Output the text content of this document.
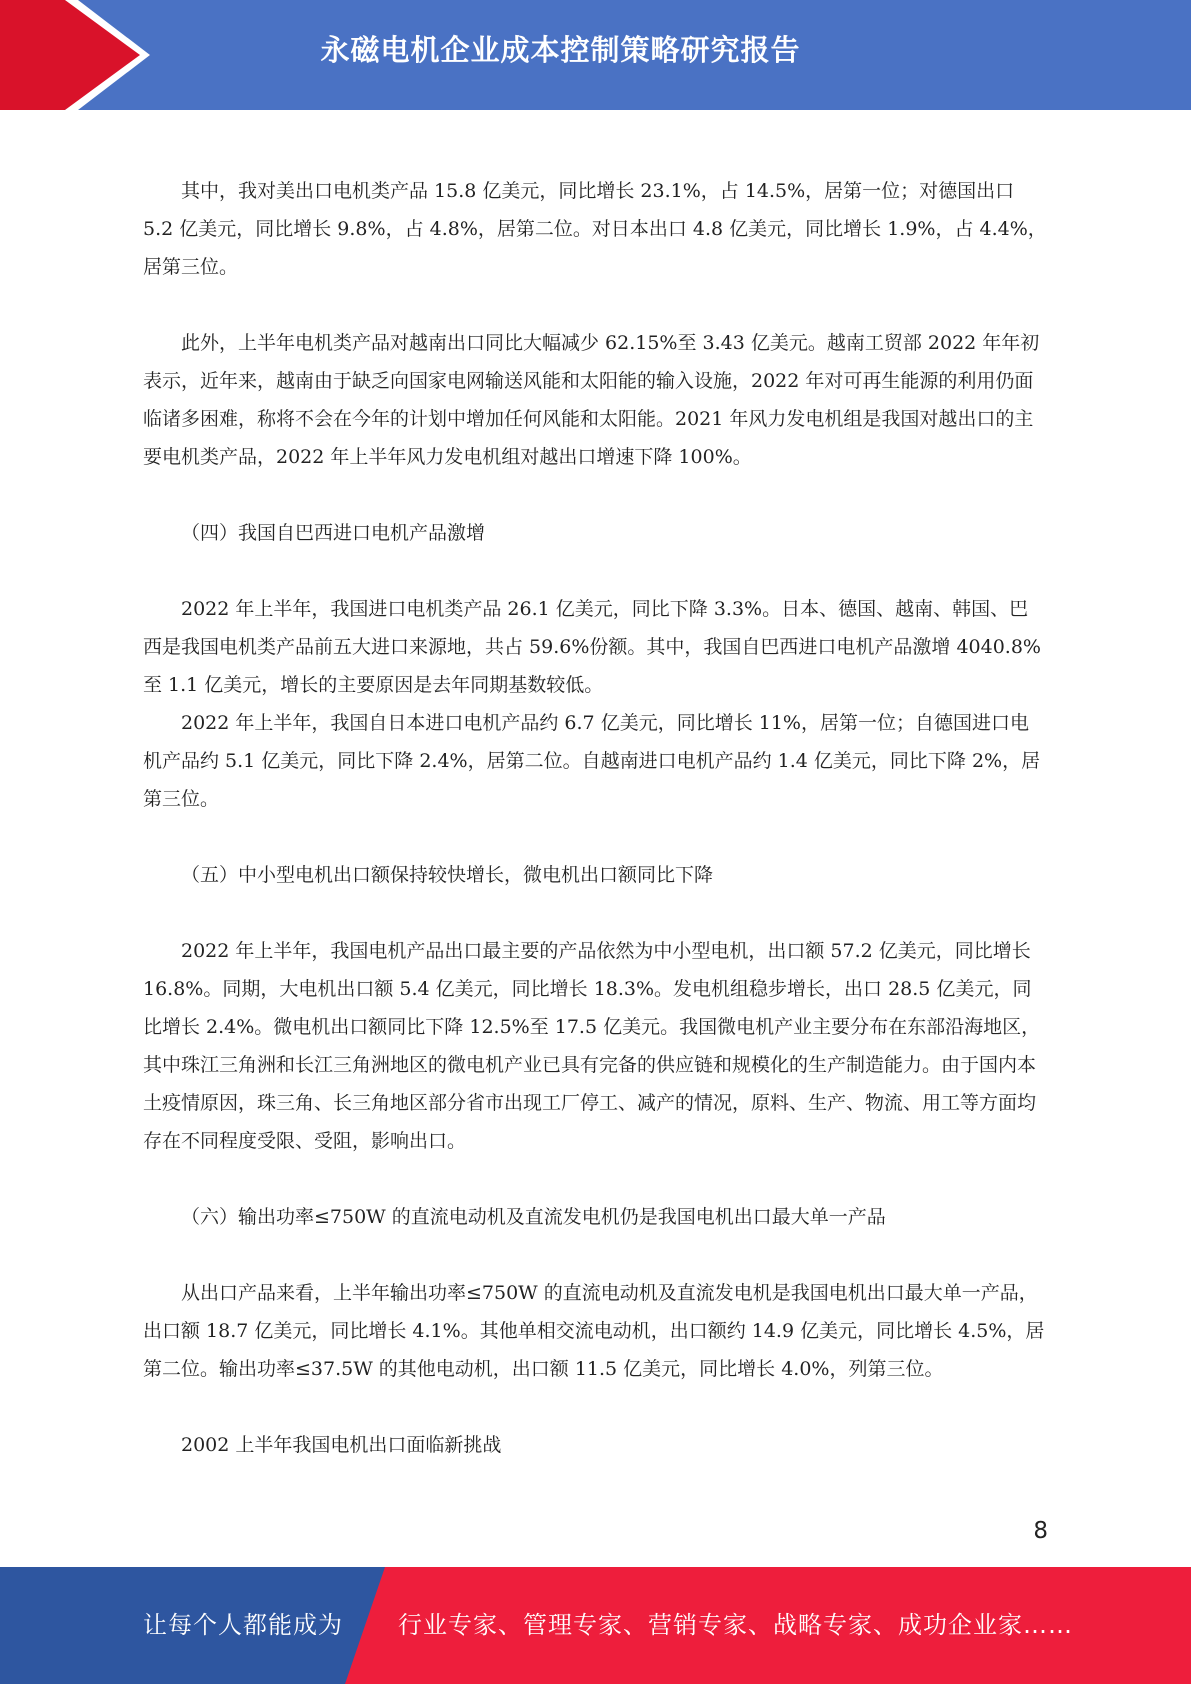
永磁电机企业成本控制策略研究报告

其中，我对美出口电机类产品 15.8 亿美元，同比增长 23.1%，占 14.5%，居第一位；对德国出口 5.2 亿美元，同比增长 9.8%，占 4.8%，居第二位。对日本出口 4.8 亿美元，同比增长 1.9%，占 4.4%，居第三位。

此外，上半年电机类产品对越南出口同比大幅减少 62.15%至 3.43 亿美元。越南工贸部 2022 年年初表示，近年来，越南由于缺乏向国家电网输送风能和太阳能的输入设施，2022 年对可再生能源的利用仍面临诸多困难，称将不会在今年的计划中增加任何风能和太阳能。2021 年风力发电机组是我国对越出口的主要电机类产品，2022 年上半年风力发电机组对越出口增速下降 100%。

（四）我国自巴西进口电机产品激增

2022 年上半年，我国进口电机类产品 26.1 亿美元，同比下降 3.3%。日本、德国、越南、韩国、巴西是我国电机类产品前五大进口来源地，共占 59.6%份额。其中，我国自巴西进口电机产品激增 4040.8%至 1.1 亿美元，增长的主要原因是去年同期基数较低。

2022 年上半年，我国自日本进口电机产品约 6.7 亿美元，同比增长 11%，居第一位；自德国进口电机产品约 5.1 亿美元，同比下降 2.4%，居第二位。自越南进口电机产品约 1.4 亿美元，同比下降 2%，居第三位。

（五）中小型电机出口额保持较快增长，微电机出口额同比下降

2022 年上半年，我国电机产品出口最主要的产品依然为中小型电机，出口额 57.2 亿美元，同比增长 16.8%。同期，大电机出口额 5.4 亿美元，同比增长 18.3%。发电机组稳步增长，出口 28.5 亿美元，同比增长 2.4%。微电机出口额同比下降 12.5%至 17.5 亿美元。我国微电机产业主要分布在东部沿海地区，其中珠江三角洲和长江三角洲地区的微电机产业已具有完备的供应链和规模化的生产制造能力。由于国内本土疫情原因，珠三角、长三角地区部分省市出现工厂停工、减产的情况，原料、生产、物流、用工等方面均存在不同程度受限、受阻，影响出口。

（六）输出功率≤750W 的直流电动机及直流发电机仍是我国电机出口最大单一产品

从出口产品来看，上半年输出功率≤750W 的直流电动机及直流发电机是我国电机出口最大单一产品，出口额 18.7 亿美元，同比增长 4.1%。其他单相交流电动机，出口额约 14.9 亿美元，同比增长 4.5%，居第二位。输出功率≤37.5W 的其他电动机，出口额 11.5 亿美元，同比增长 4.0%，列第三位。

2002 上半年我国电机出口面临新挑战

8
让每个人都能成为 行业专家、管理专家、营销专家、战略专家、成功企业家……
